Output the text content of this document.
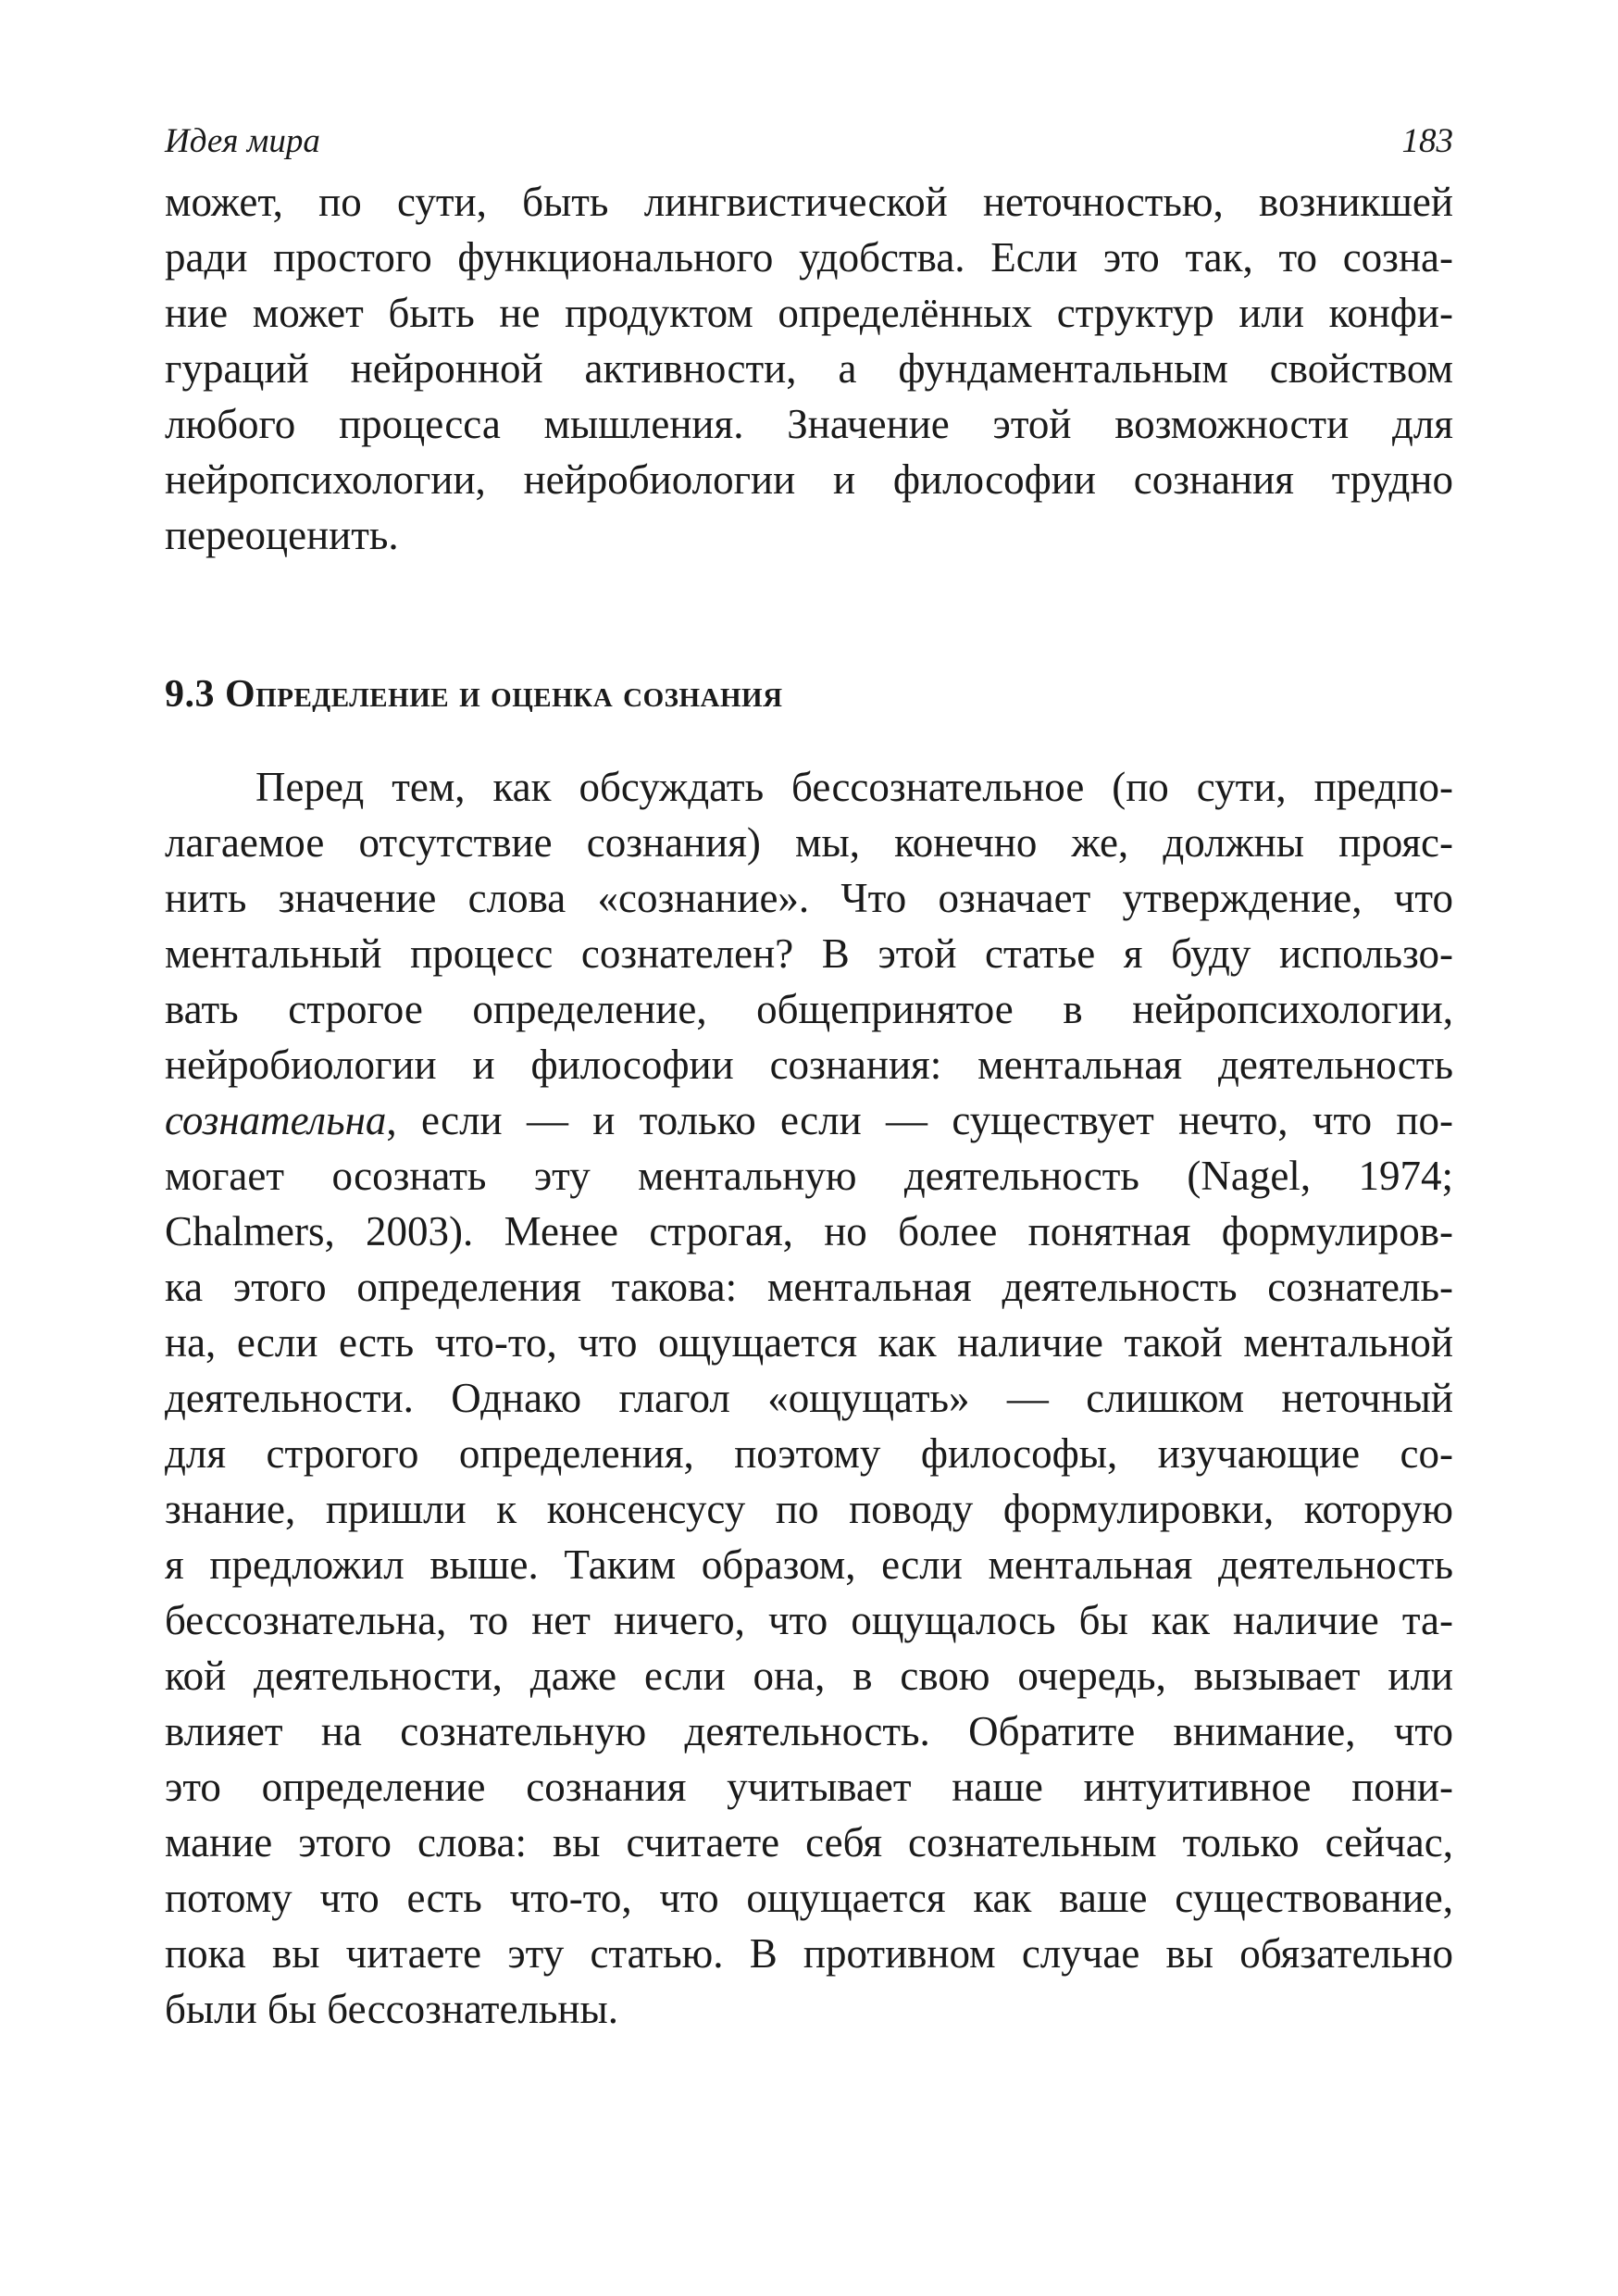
Идея мира	183
может, по сути, быть лингвистической неточностью, возникшей
ради простого функционального удобства. Если это так, то созна-
ние может быть не продуктом определённых структур или конфи-
гураций нейронной активности, а фундаментальным свойством
любого процесса мышления. Значение этой возможности для
нейропсихологии, нейробиологии и философии сознания трудно
переоценить.
9.3 Определение и оценка сознания
Перед тем, как обсуждать бессознательное (по сути, предпо-
лагаемое отсутствие сознания) мы, конечно же, должны прояс-
нить значение слова «сознание». Что означает утверждение, что
ментальный процесс сознателен? В этой статье я буду использо-
вать строгое определение, общепринятое в нейропсихологии,
нейробиологии и философии сознания: ментальная деятельность
сознательна, если — и только если — существует нечто, что по-
могает осознать эту ментальную деятельность (Nagel, 1974;
Chalmers, 2003). Менее строгая, но более понятная формулиров-
ка этого определения такова: ментальная деятельность сознатель-
на, если есть что-то, что ощущается как наличие такой ментальной
деятельности. Однако глагол «ощущать» — слишком неточный
для строгого определения, поэтому философы, изучающие со-
знание, пришли к консенсусу по поводу формулировки, которую
я предложил выше. Таким образом, если ментальная деятельность
бессознательна, то нет ничего, что ощущалось бы как наличие та-
кой деятельности, даже если она, в свою очередь, вызывает или
влияет на сознательную деятельность. Обратите внимание, что
это определение сознания учитывает наше интуитивное пони-
мание этого слова: вы считаете себя сознательным только сейчас,
потому что есть что-то, что ощущается как ваше существование,
пока вы читаете эту статью. В противном случае вы обязательно
были бы бессознательны.
